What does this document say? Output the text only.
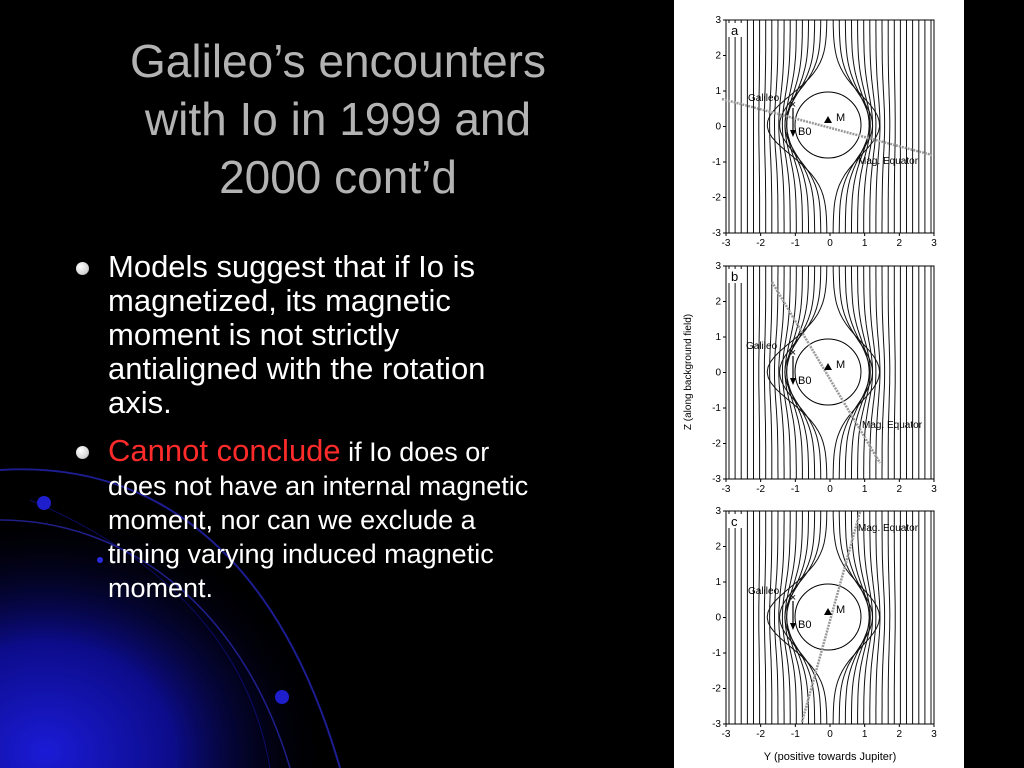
Galileo’s encounters
with Io in 1999 and
2000 cont’d
Models suggest that if Io is magnetized, its magnetic moment is not strictly antialigned with the rotation axis.
Cannot conclude if Io does or does not have an internal magnetic moment, nor can we exclude a timing varying induced magnetic moment.
M
×
B0
Galileo
Mag. Equator
a
3
2
1
0
-1
-2
-3
-3	-2	-1	0	1	2	3
M
×
B0
Galileo
Mag. Equator
b
3
2
1
0
-1
-2
-3
-3	-2	-1	0	1	2	3
M
×
B0
Galileo
Mag. Equator
c
3
2
1
0
-1
-2
-3
-3	-2	-1	0	1	2	3
Z (along background field)
Y (positive towards Jupiter)
